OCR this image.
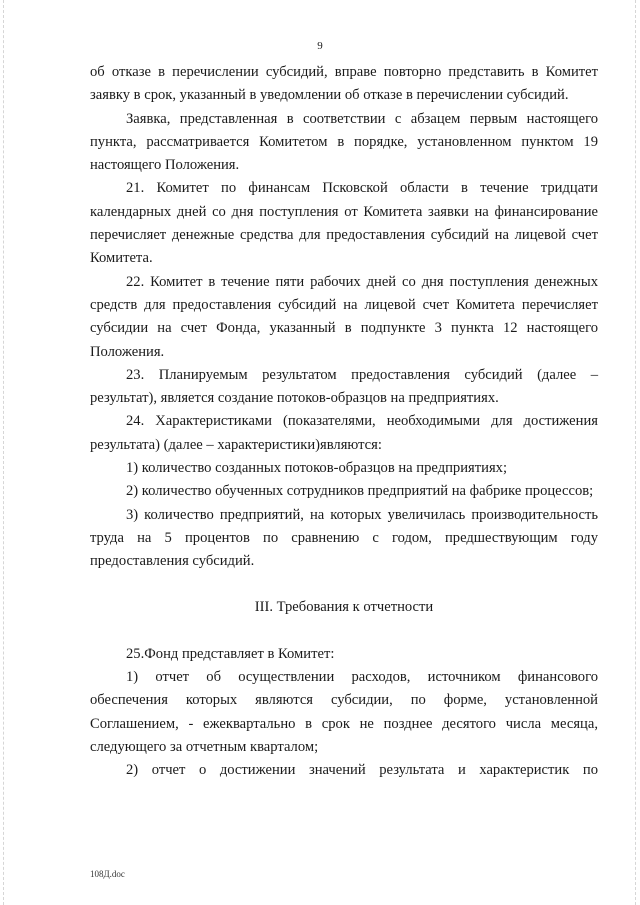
9

об отказе в перечислении субсидий, вправе повторно представить в Комитет заявку в срок, указанный в уведомлении об отказе в перечислении субсидий.

Заявка, представленная в соответствии с абзацем первым настоящего пункта, рассматривается Комитетом в порядке, установленном пунктом 19 настоящего Положения.

21. Комитет по финансам Псковской области в течение тридцати календарных дней со дня поступления от Комитета заявки на финансирование перечисляет денежные средства для предоставления субсидий на лицевой счет Комитета.

22. Комитет в течение пяти рабочих дней со дня поступления денежных средств для предоставления субсидий на лицевой счет Комитета перечисляет субсидии на счет Фонда, указанный в подпункте 3 пункта 12 настоящего Положения.

23. Планируемым результатом предоставления субсидий (далее – результат), является создание потоков-образцов на предприятиях.

24. Характеристиками (показателями, необходимыми для достижения результата) (далее – характеристики)являются:

1) количество созданных потоков-образцов на предприятиях;

2) количество обученных сотрудников предприятий на фабрике процессов;

3) количество предприятий, на которых увеличилась производительность труда на 5 процентов по сравнению с годом, предшествующим году предоставления субсидий.

III. Требования к отчетности

25.Фонд представляет в Комитет:

1) отчет об осуществлении расходов, источником финансового обеспечения которых являются субсидии, по форме, установленной Соглашением, - ежеквартально в срок не позднее десятого числа месяца, следующего за отчетным кварталом;

2) отчет о достижении значений результата и характеристик по

108Д.doc
